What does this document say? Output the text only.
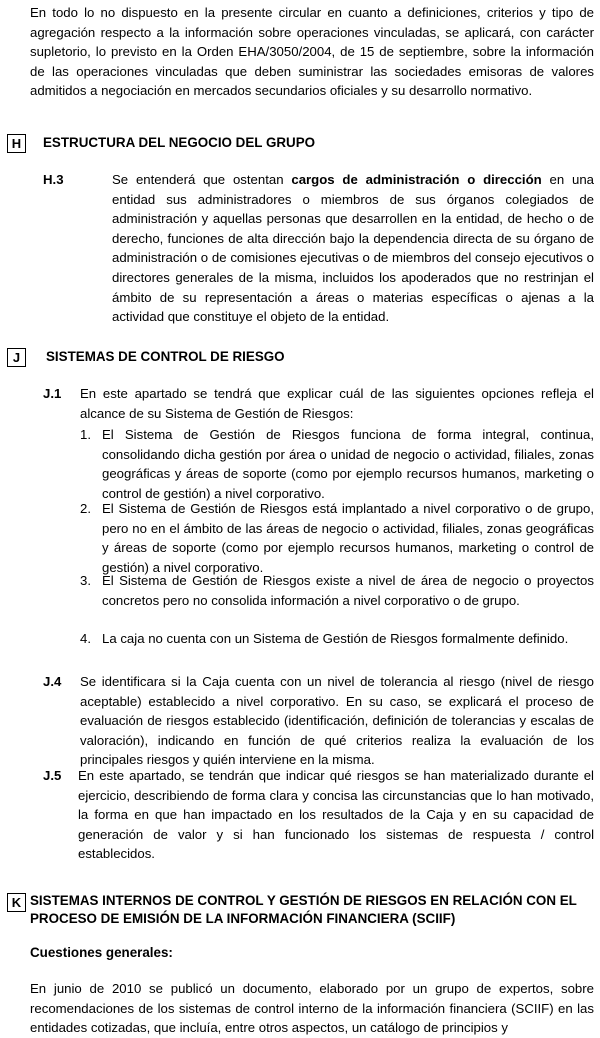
En todo lo no dispuesto en la presente circular en cuanto a definiciones, criterios y tipo de agregación respecto a la información sobre operaciones vinculadas, se aplicará, con carácter supletorio, lo previsto en la Orden EHA/3050/2004, de 15 de septiembre, sobre la información de las operaciones vinculadas que deben suministrar las sociedades emisoras de valores admitidos a negociación en mercados secundarios oficiales y su desarrollo normativo.

H	ESTRUCTURA DEL NEGOCIO DEL GRUPO
H.3	Se entenderá que ostentan cargos de administración o dirección en una entidad sus administradores o miembros de sus órganos colegiados de administración y aquellas personas que desarrollen en la entidad, de hecho o de derecho, funciones de alta dirección bajo la dependencia directa de su órgano de administración o de comisiones ejecutivas o de miembros del consejo ejecutivos o directores generales de la misma, incluidos los apoderados que no restrinjan el ámbito de su representación a áreas o materias específicas o ajenas a la actividad que constituye el objeto de la entidad.

J	SISTEMAS DE CONTROL DE RIESGO
J.1 En este apartado se tendrá que explicar cuál de las siguientes opciones refleja el alcance de su Sistema de Gestión de Riesgos:

1. El Sistema de Gestión de Riesgos funciona de forma integral, continua, consolidando dicha gestión por área o unidad de negocio o actividad, filiales, zonas geográficas y áreas de soporte (como por ejemplo recursos humanos, marketing o control de gestión) a nivel corporativo.

2. El Sistema de Gestión de Riesgos está implantado a nivel corporativo o de grupo, pero no en el ámbito de las áreas de negocio o actividad, filiales, zonas geográficas y áreas de soporte (como por ejemplo recursos humanos, marketing o control de gestión) a nivel corporativo.

3. El Sistema de Gestión de Riesgos existe a nivel de área de negocio o proyectos concretos pero no consolida información a nivel corporativo o de grupo.

4. La caja no cuenta con un Sistema de Gestión de Riesgos formalmente definido.

J.4 Se identificara si la Caja cuenta con un nivel de tolerancia al riesgo (nivel de riesgo aceptable) establecido a nivel corporativo. En su caso, se explicará el proceso de evaluación de riesgos establecido (identificación, definición de tolerancias y escalas de valoración), indicando en función de qué criterios realiza la evaluación de los principales riesgos y quién interviene en la misma.

J.5 En este apartado, se tendrán que indicar qué riesgos se han materializado durante el ejercicio, describiendo de forma clara y concisa las circunstancias que lo han motivado, la forma en que han impactado en los resultados de la Caja y en su capacidad de generación de valor y si han funcionado los sistemas de respuesta / control establecidos.

K SISTEMAS INTERNOS DE CONTROL Y GESTIÓN DE RIESGOS EN RELACIÓN CON EL PROCESO DE EMISIÓN DE LA INFORMACIÓN FINANCIERA (SCIIF)
Cuestiones generales:

En junio de 2010 se publicó un documento, elaborado por un grupo de expertos, sobre recomendaciones de los sistemas de control interno de la información financiera (SCIIF) en las entidades cotizadas, que incluía, entre otros aspectos, un catálogo de principios y
